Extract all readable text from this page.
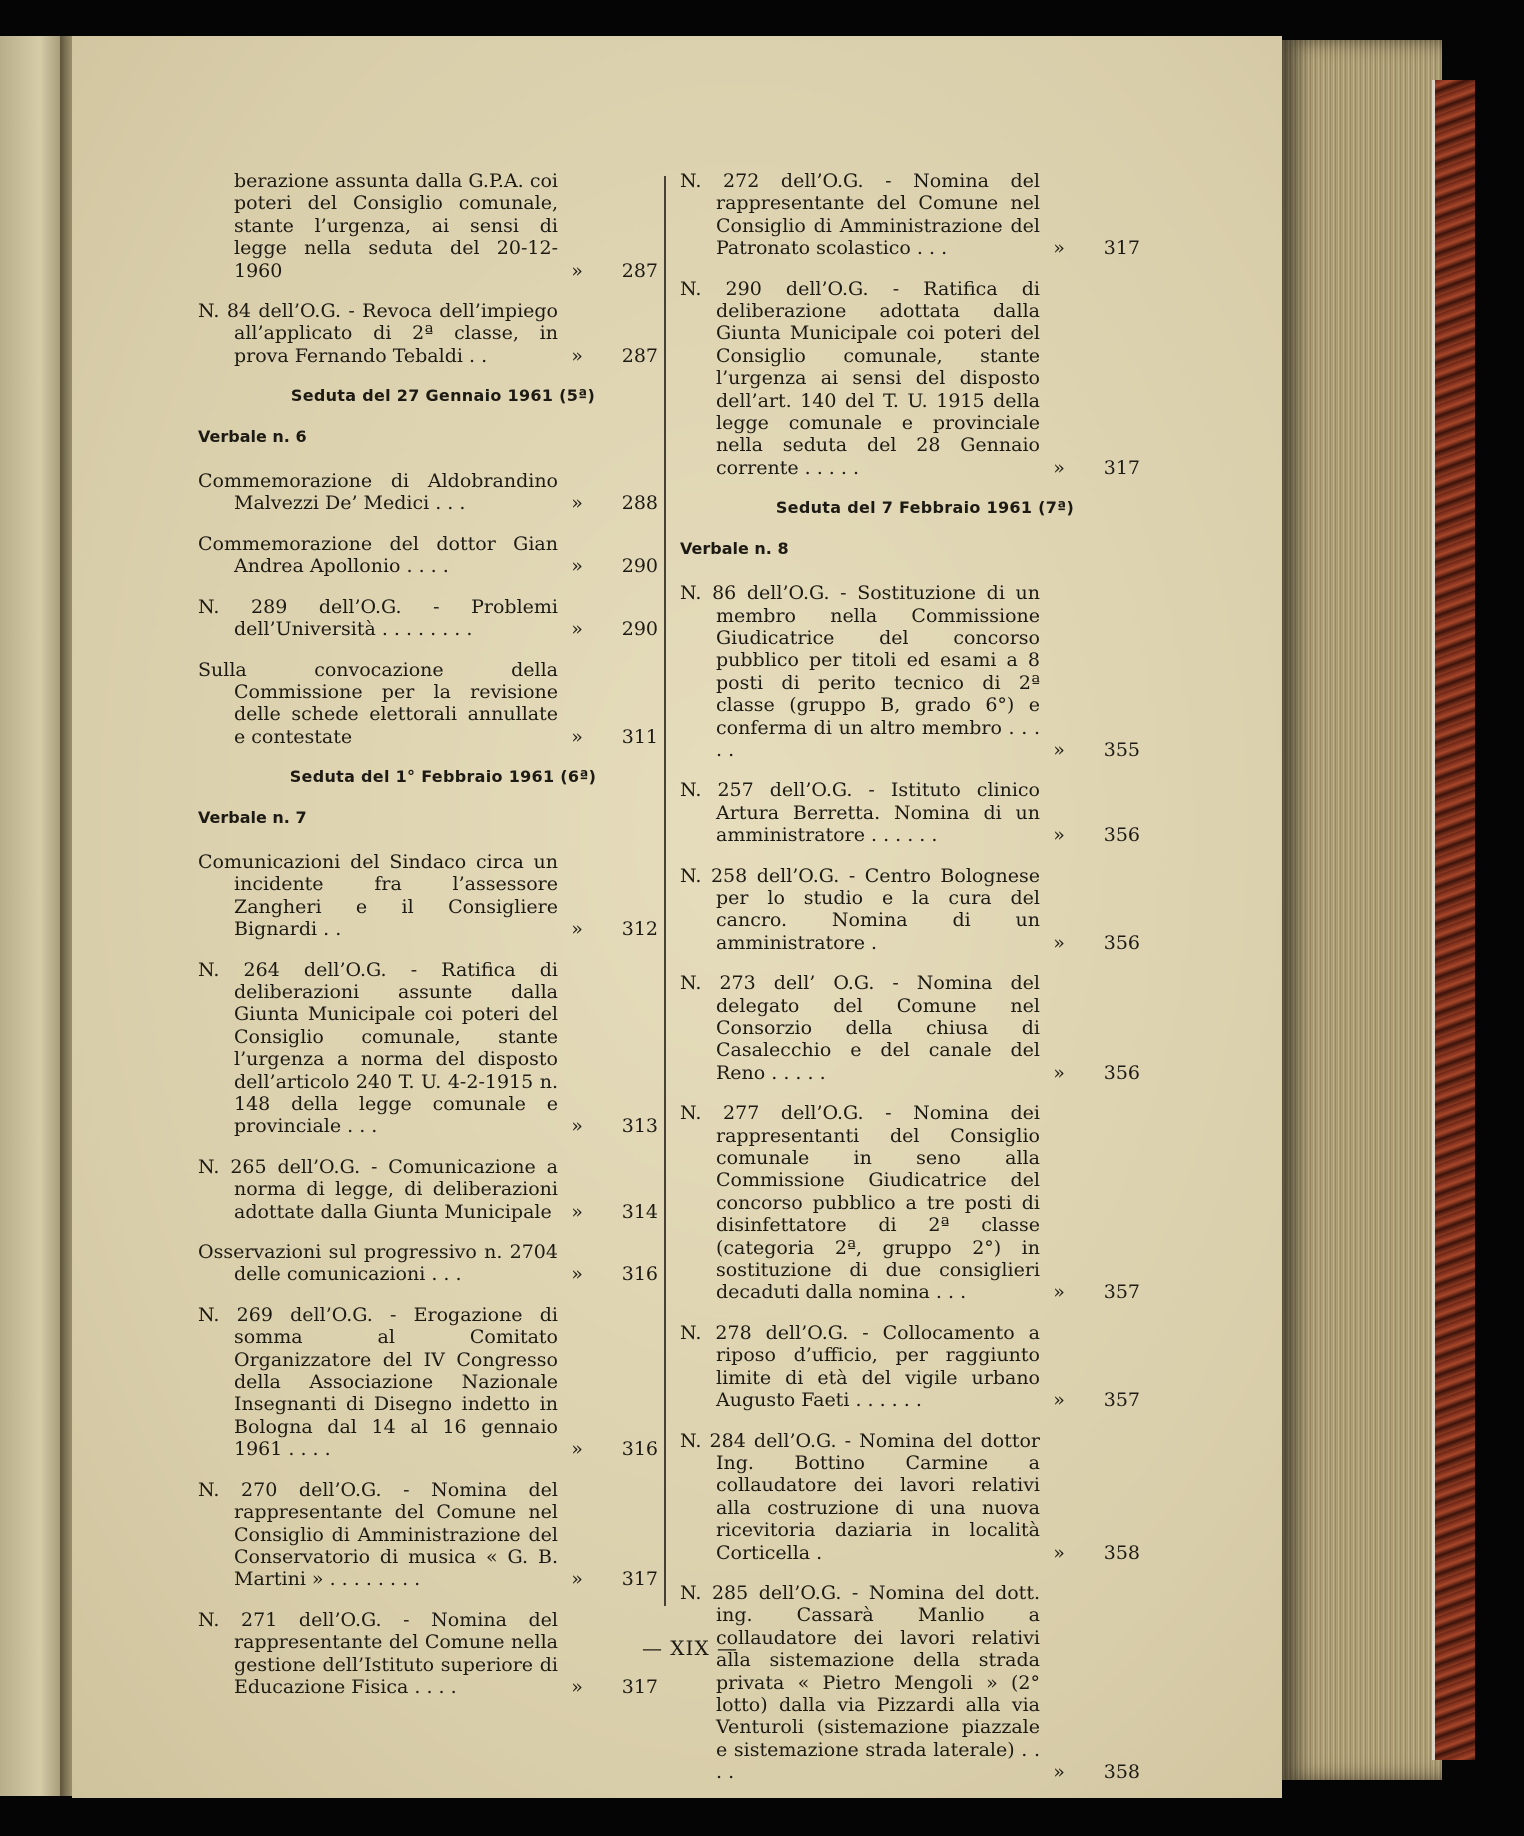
berazione assunta dalla G.P.A. coi poteri del Consiglio comunale, stante l’urgenza, ai sensi di legge nella seduta del 20-12-1960	»	287
N. 84 dell’O.G. - Revoca dell’impiego all’applicato di 2ª classe, in prova Fernando Tebaldi . .	»	287
Seduta del 27 Gennaio 1961 (5ª)
Verbale n. 6
Commemorazione di Aldobrandino Malvezzi De’ Medici . . .	»	288
Commemorazione del dottor Gian Andrea Apollonio . . . .	»	290
N. 289 dell’O.G. - Problemi dell’Università . . . . . . . .	»	290
Sulla convocazione della Commissione per la revisione delle schede elettorali annullate e contestate	»	311
Seduta del 1° Febbraio 1961 (6ª)
Verbale n. 7
Comunicazioni del Sindaco circa un incidente fra l’assessore Zangheri e il Consigliere Bignardi . .	»	312
N. 264 dell’O.G. - Ratifica di deliberazioni assunte dalla Giunta Municipale coi poteri del Consiglio comunale, stante l’urgenza a norma del disposto dell’articolo 240 T. U. 4-2-1915 n. 148 della legge comunale e provinciale . . .	»	313
N. 265 dell’O.G. - Comunicazione a norma di legge, di deliberazioni adottate dalla Giunta Municipale »	314
Osservazioni sul progressivo n. 2704 delle comunicazioni . . .	»	316
N. 269 dell’O.G. - Erogazione di somma al Comitato Organizzatore del IV Congresso della Associazione Nazionale Insegnanti di Disegno indetto in Bologna dal 14 al 16 gennaio 1961 . . . .	»	316
N. 270 dell’O.G. - Nomina del rappresentante del Comune nel Consiglio di Amministrazione del Conservatorio di musica « G. B. Martini » . . . . . . . .	»	317
N. 271 dell’O.G. - Nomina del rappresentante del Comune nella gestione dell’Istituto superiore di Educazione Fisica . . . .	»	317
N. 272 dell’O.G. - Nomina del rappresentante del Comune nel Consiglio di Amministrazione del Patronato scolastico . . .	»	317
N. 290 dell’O.G. - Ratifica di deliberazione adottata dalla Giunta Municipale coi poteri del Consiglio comunale, stante l’urgenza ai sensi del disposto dell’art. 140 del T. U. 1915 della legge comunale e provinciale nella seduta del 28 Gennaio corrente . . . . .	»	317
Seduta del 7 Febbraio 1961 (7ª)
Verbale n. 8
N. 86 dell’O.G. - Sostituzione di un membro nella Commissione Giudicatrice del concorso pubblico per titoli ed esami a 8 posti di perito tecnico di 2ª classe (gruppo B, grado 6°) e conferma di un altro membro . . . . .	»	355
N. 257 dell’O.G. - Istituto clinico Artura Berretta. Nomina di un amministratore . . . . . .	»	356
N. 258 dell’O.G. - Centro Bolognese per lo studio e la cura del cancro. Nomina di un amministratore .	»	356
N. 273 dell’ O.G. - Nomina del delegato del Comune nel Consorzio della chiusa di Casalecchio e del canale del Reno . . . . .	»	356
N. 277 dell’O.G. - Nomina dei rappresentanti del Consiglio comunale in seno alla Commissione Giudicatrice del concorso pubblico a tre posti di disinfettatore di 2ª classe (categoria 2ª, gruppo 2°) in sostituzione di due consiglieri decaduti dalla nomina . . .	»	357
N. 278 dell’O.G. - Collocamento a riposo d’ufficio, per raggiunto limite di età del vigile urbano Augusto Faeti . . . . . .	»	357
N. 284 dell’O.G. - Nomina del dottor Ing. Bottino Carmine a collaudatore dei lavori relativi alla costruzione di una nuova ricevitoria daziaria in località Corticella .	»	358
N. 285 dell’O.G. - Nomina del dott. ing. Cassarà Manlio a collaudatore dei lavori relativi alla sistemazione della strada privata « Pietro Mengoli » (2° lotto) dalla via Pizzardi alla via Venturoli (sistemazione piazzale e sistemazione strada laterale) . . . .	»	358
— XIX —
